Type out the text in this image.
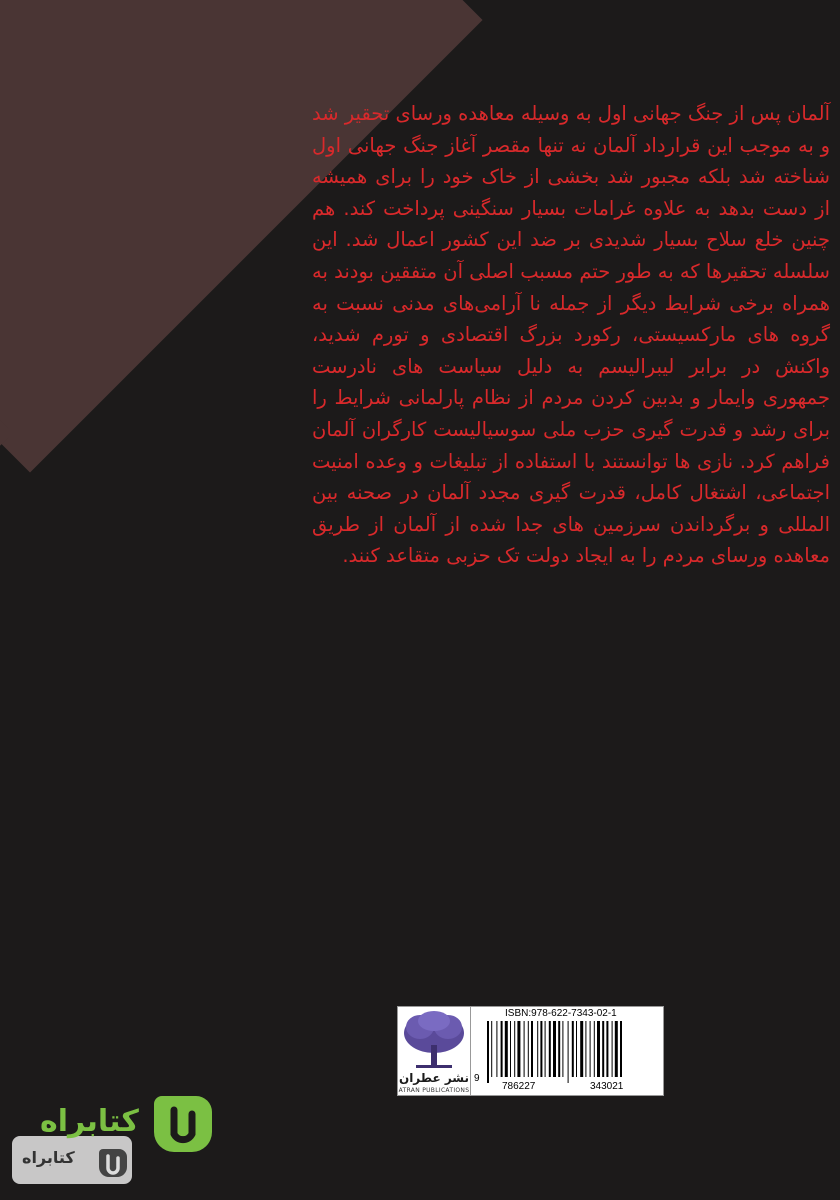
آلمان پس از جنگ جهانی اول به وسیله معاهده ورسای تحقیر شد و به موجب این قرارداد آلمان نه تنها مقصر آغاز جنگ جهانی اول شناخته شد بلکه مجبور شد بخشی از خاک خود را برای همیشه از دست بدهد به علاوه غرامات بسیار سنگینی پرداخت کند. هم چنین خلع سلاح بسیار شدیدی بر ضد این کشور اعمال شد. این سلسله تحقیرها که به طور حتم مسبب اصلی آن متفقین بودند به همراه برخی شرایط دیگر از جمله نا آرامی‌های مدنی نسبت به گروه های مارکسیستی، رکورد بزرگ اقتصادی و تورم شدید، واکنش در برابر لیبرالیسم به دلیل سیاست های نادرست جمهوری وایمار و بدبین کردن مردم از نظام پارلمانی شرایط را برای رشد و قدرت گیری حزب ملی سوسیالیست کارگران آلمان فراهم کرد. نازی ها توانستند با استفاده از تبلیغات و وعده امنیت اجتماعی، اشتغال کامل، قدرت گیری مجدد آلمان در صحنه بین المللی و برگرداندن سرزمین های جدا شده از آلمان از طریق معاهده ورسای مردم را به ایجاد دولت تک حزبی متقاعد کنند.

نشر عطران
ATRAN PUBLICATIONS
ISBN:978-622-7343-02-1
9
786227	343021
کتابراه
کتابراه
